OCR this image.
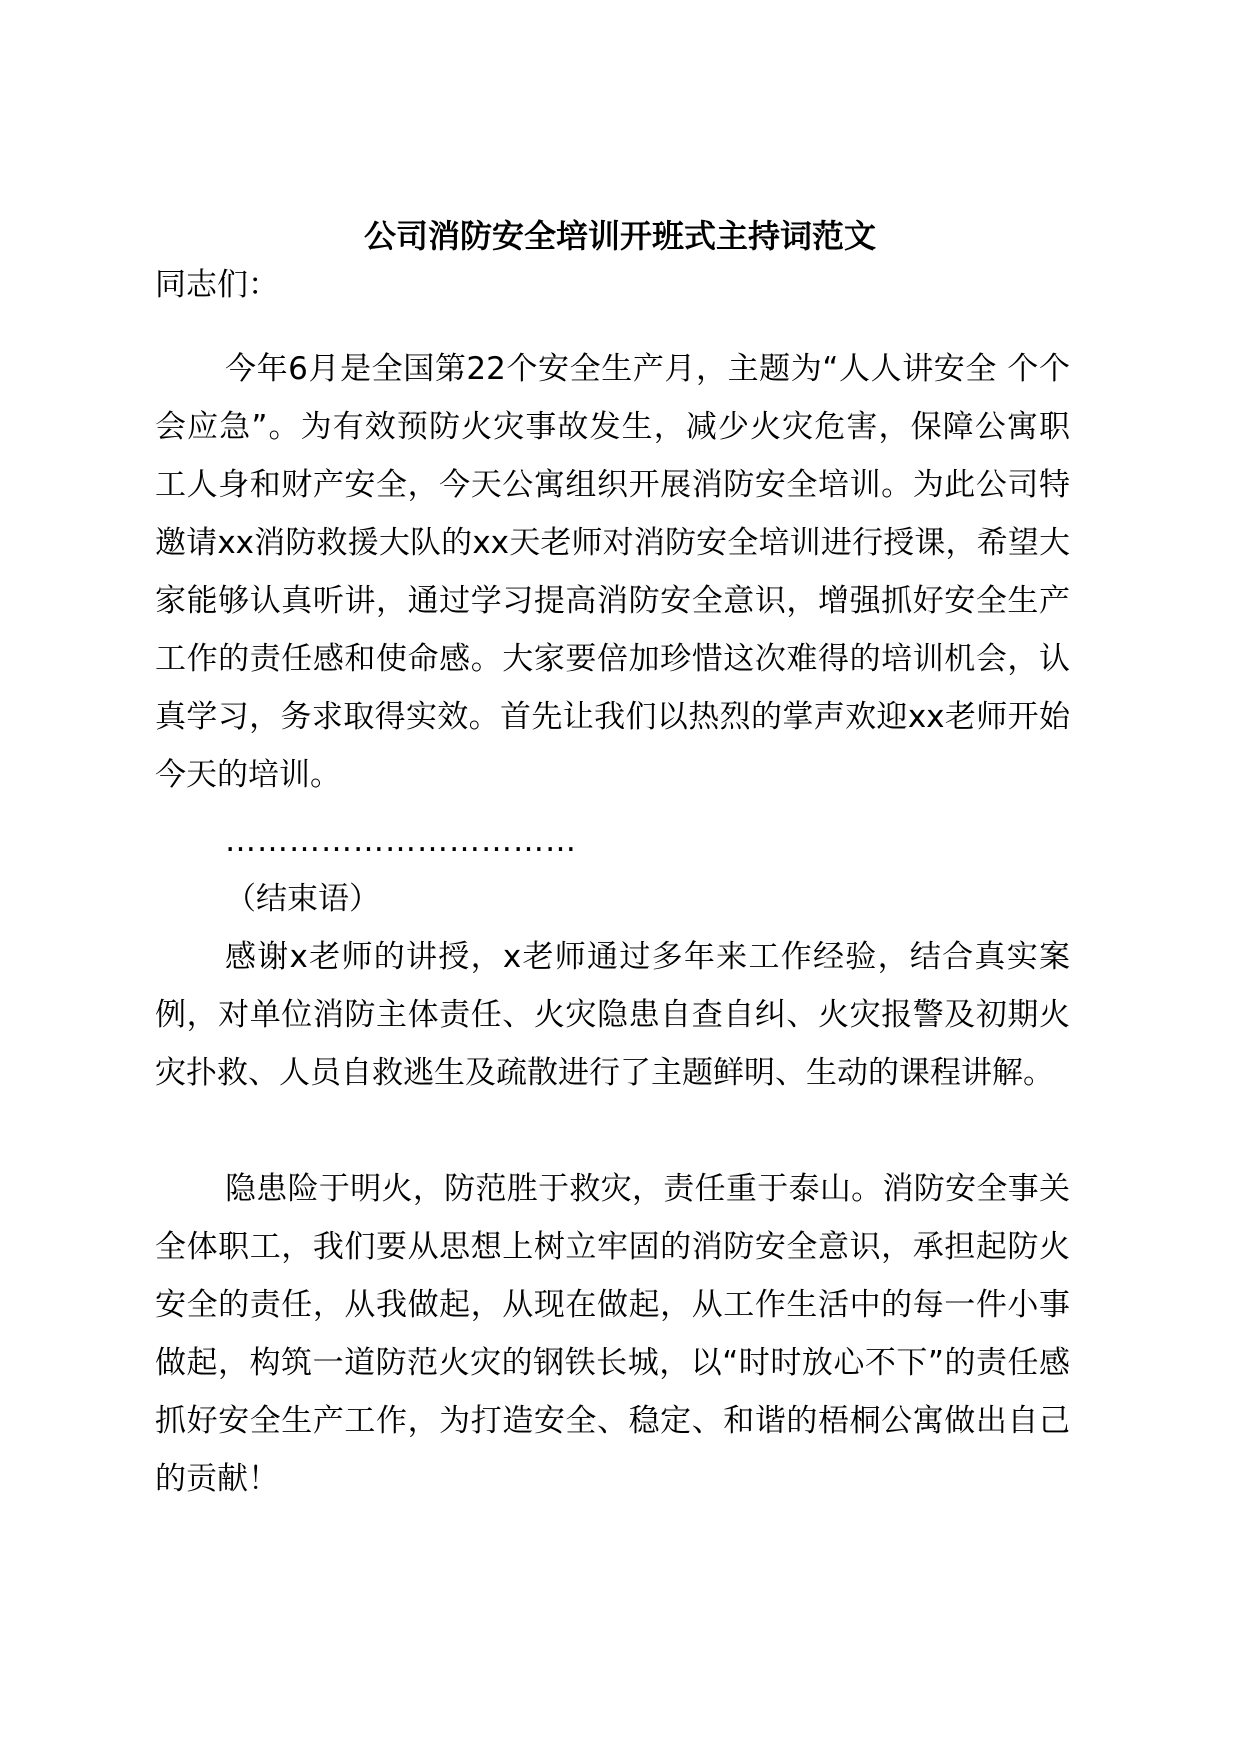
公司消防安全培训开班式主持词范文
同志们：
今年6月是全国第22个安全生产月，主题为“人人讲安全 个个会应急”。为有效预防火灾事故发生，减少火灾危害，保障公寓职工人身和财产安全，今天公寓组织开展消防安全培训。为此公司特邀请xx消防救援大队的xx天老师对消防安全培训进行授课，希望大家能够认真听讲，通过学习提高消防安全意识，增强抓好安全生产工作的责任感和使命感。大家要倍加珍惜这次难得的培训机会，认真学习，务求取得实效。首先让我们以热烈的掌声欢迎xx老师开始今天的培训。
……………………………
（结束语）
感谢x老师的讲授，x老师通过多年来工作经验，结合真实案例，对单位消防主体责任、火灾隐患自查自纠、火灾报警及初期火灾扑救、人员自救逃生及疏散进行了主题鲜明、生动的课程讲解。
隐患险于明火，防范胜于救灾，责任重于泰山。消防安全事关全体职工，我们要从思想上树立牢固的消防安全意识，承担起防火安全的责任，从我做起，从现在做起，从工作生活中的每一件小事做起，构筑一道防范火灾的钢铁长城，以“时时放心不下”的责任感抓好安全生产工作，为打造安全、稳定、和谐的梧桐公寓做出自己的贡献！
